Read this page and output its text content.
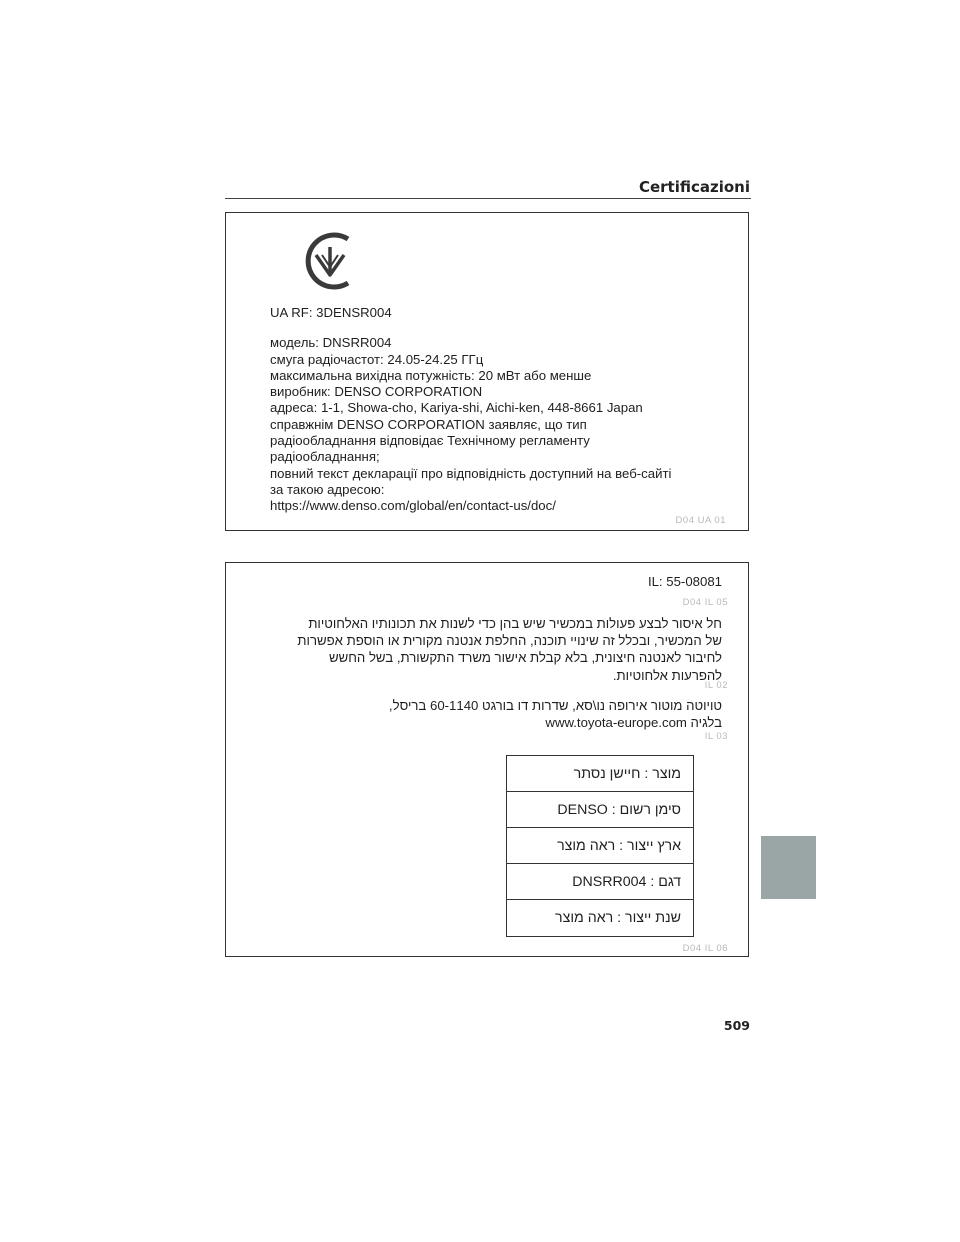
Certificazioni
UA RF: 3DENSR004
модель: DNSRR004
смуга радіочастот: 24.05-24.25 ГГц
максимальна вихідна потужність: 20 мВт або менше
виробник: DENSO CORPORATION
адреса: 1-1, Showa-cho, Kariya-shi, Aichi-ken, 448-8661 Japan
справжнім DENSO CORPORATION заявляє, що тип
радіообладнання відповідає Технічному регламенту
радіообладнання;
повний текст декларації про відповідність доступний на веб-сайті
за такою адресою:
https://www.denso.com/global/en/contact-us/doc/
D04 UA 01
IL: 55-08081
D04 IL 05
חל איסור לבצע פעולות במכשיר שיש בהן כדי לשנות את תכונותיו האלחוטיות
של המכשיר, ובכלל זה שינויי תוכנה, החלפת אנטנה מקורית או הוספת אפשרות
לחיבור לאנטנה חיצונית, בלא קבלת אישור משרד התקשורת, בשל החשש
להפרעות אלחוטיות.
IL 02
טויוטה מוטור אירופה נו\סא, שדרות דו בורגט 60-1140 בריסל,
בלגיה www.toyota-europe.com
IL 03
מוצר : חיישן נסתר
סימן רשום : DENSO
ארץ ייצור : ראה מוצר
דגם : DNSRR004
שנת ייצור : ראה מוצר
D04 IL 06
509
